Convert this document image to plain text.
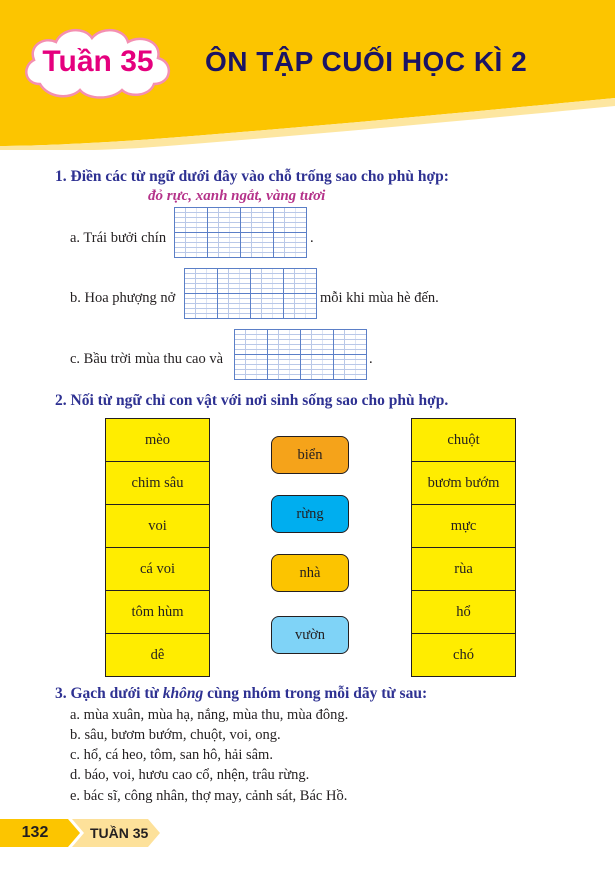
Tuần 35	ÔN TẬP CUỐI HỌC KÌ 2
1. Điền các từ ngữ dưới đây vào chỗ trống sao cho phù hợp:
đỏ rực, xanh ngắt, vàng tươi
a. Trái bưởi chín	.
b. Hoa phượng nở	mỗi khi mùa hè đến.
c. Bầu trời mùa thu cao và	.
2. Nối từ ngữ chỉ con vật với nơi sinh sống sao cho phù hợp.
mèo
chim sâu
voi
cá voi
tôm hùm
dê
biển
rừng
nhà
vườn
chuột
bươm bướm
mực
rùa
hổ
chó
3. Gạch dưới từ không cùng nhóm trong mỗi dãy từ sau:
a. mùa xuân, mùa hạ, nắng, mùa thu, mùa đông.
b. sâu, bươm bướm, chuột, voi, ong.
c. hổ, cá heo, tôm, san hô, hải sâm.
d. báo, voi, hươu cao cổ, nhện, trâu rừng.
e. bác sĩ, công nhân, thợ may, cảnh sát, Bác Hồ.
132	TUẦN 35
